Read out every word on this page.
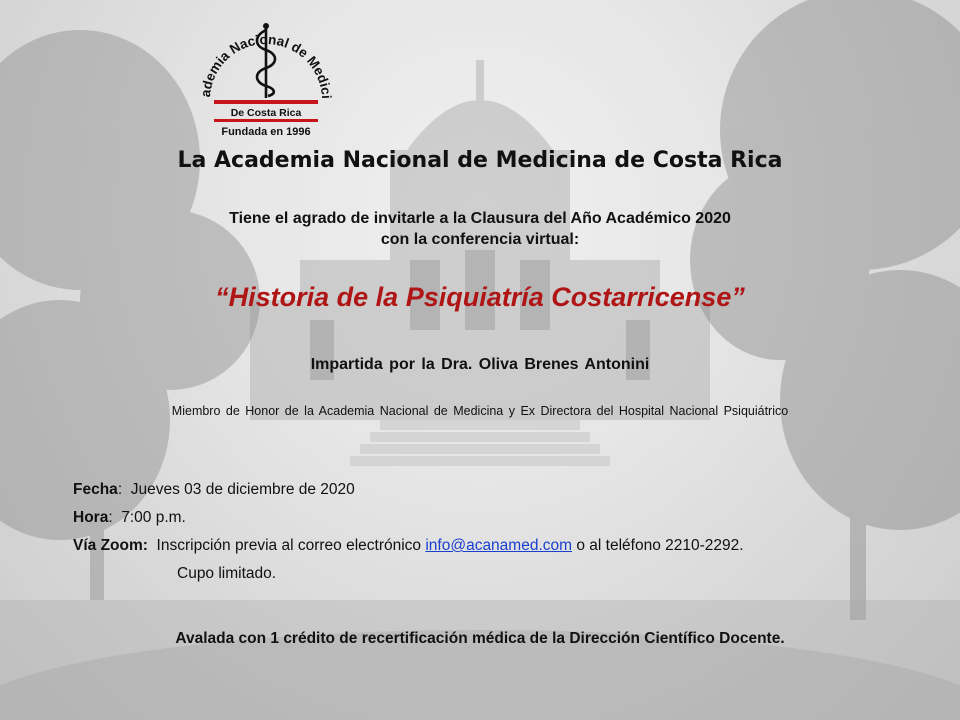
ademia Nacional de Medici
De Costa Rica
Fundada en 1996
La Academia Nacional de Medicina de Costa Rica
Tiene el agrado de invitarle a la Clausura del Año Académico 2020
con la conferencia virtual:
“Historia de la Psiquiatría Costarricense”
Impartida por la Dra. Oliva Brenes Antonini
Miembro de Honor de la Academia Nacional de Medicina y Ex Directora del Hospital Nacional Psiquiátrico
Fecha:  Jueves 03 de diciembre de 2020
Hora:  7:00 p.m.
Vía Zoom: Inscripción previa al correo electrónico info@acanamed.com o al teléfono 2210-2292.
Cupo limitado.
Avalada con 1 crédito de recertificación médica de la Dirección Científico Docente.
